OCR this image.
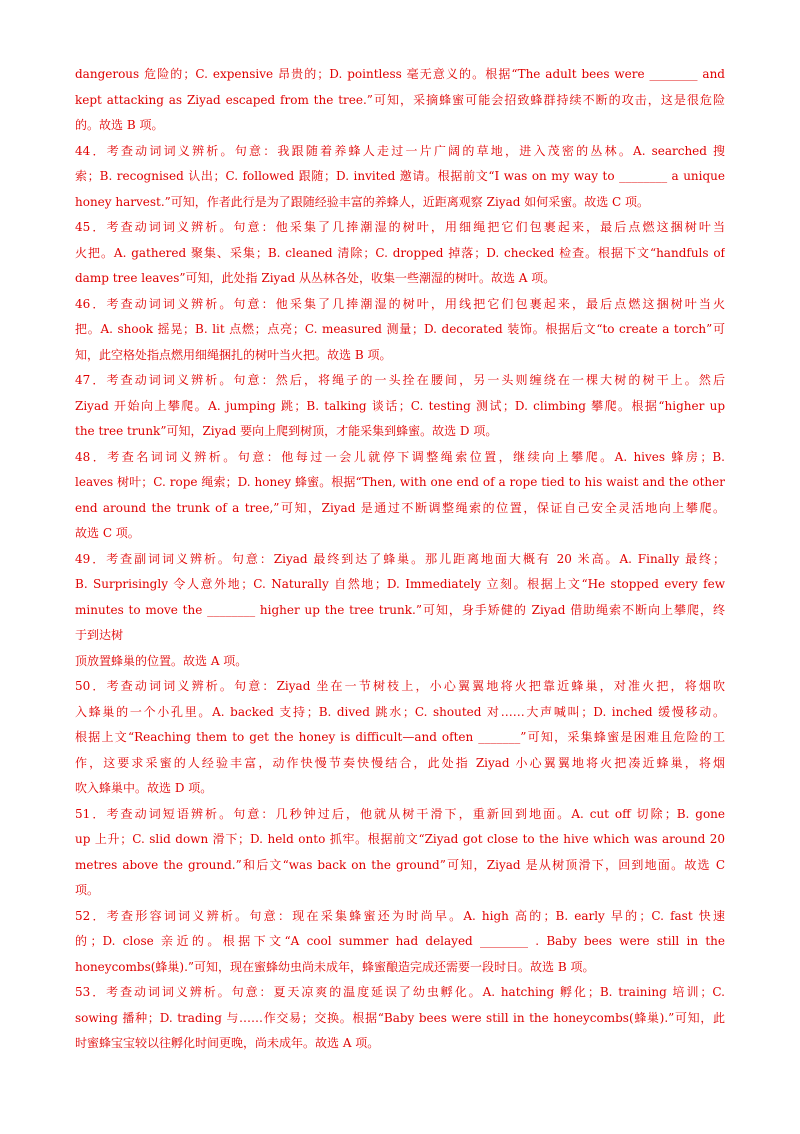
dangerous 危险的；C. expensive 昂贵的；D. pointless 毫无意义的。根据“The adult bees were ________ and
kept attacking as Ziyad escaped from the tree.”可知，采摘蜂蜜可能会招致蜂群持续不断的攻击，这是很危险
的。故选 B 项。
44．考查动词词义辨析。句意：我跟随着养蜂人走过一片广阔的草地，进入茂密的丛林。A. searched 搜
索；B. recognised 认出；C. followed 跟随；D. invited 邀请。根据前文“I was on my way to ________ a unique
honey harvest.”可知，作者此行是为了跟随经验丰富的养蜂人，近距离观察 Ziyad 如何采蜜。故选 C 项。
45．考查动词词义辨析。句意：他采集了几捧潮湿的树叶，用细绳把它们包裹起来，最后点燃这捆树叶当
火把。A. gathered 聚集、采集；B. cleaned 清除；C. dropped 掉落；D. checked 检查。根据下文“handfuls of
damp tree leaves”可知，此处指 Ziyad 从丛林各处，收集一些潮湿的树叶。故选 A 项。
46．考查动词词义辨析。句意：他采集了几捧潮湿的树叶，用线把它们包裹起来，最后点燃这捆树叶当火
把。A. shook 摇晃；B. lit 点燃；点亮；C. measured 测量；D. decorated 装饰。根据后文“to create a torch”可
知，此空格处指点燃用细绳捆扎的树叶当火把。故选 B 项。
47．考查动词词义辨析。句意：然后，将绳子的一头拴在腰间，另一头则缠绕在一棵大树的树干上。然后
Ziyad 开始向上攀爬。A. jumping 跳；B. talking 谈话；C. testing 测试；D. climbing 攀爬。根据“higher up
the tree trunk”可知，Ziyad 要向上爬到树顶，才能采集到蜂蜜。故选 D 项。
48．考查名词词义辨析。句意：他每过一会儿就停下调整绳索位置，继续向上攀爬。A. hives 蜂房；B.
leaves 树叶；C. rope 绳索；D. honey 蜂蜜。根据“Then, with one end of a rope tied to his waist and the other
end around the trunk of a tree,”可知，Ziyad 是通过不断调整绳索的位置，保证自己安全灵活地向上攀爬。
故选 C 项。
49．考查副词词义辨析。句意：Ziyad 最终到达了蜂巢。那儿距离地面大概有 20 米高。A. Finally 最终；
B. Surprisingly 令人意外地；C. Naturally 自然地；D. Immediately 立刻。根据上文“He stopped every few
minutes to move the ________ higher up the tree trunk.”可知，身手矫健的 Ziyad 借助绳索不断向上攀爬，终
于到达树
顶放置蜂巢的位置。故选 A 项。
50．考查动词词义辨析。句意：Ziyad 坐在一节树枝上，小心翼翼地将火把靠近蜂巢，对准火把，将烟吹
入蜂巢的一个小孔里。A. backed 支持；B. dived 跳水；C. shouted 对……大声喊叫；D. inched 缓慢移动。
根据上文“Reaching them to get the honey is difficult—and often _______”可知，采集蜂蜜是困难且危险的工
作，这要求采蜜的人经验丰富，动作快慢节奏快慢结合，此处指 Ziyad 小心翼翼地将火把凑近蜂巢，将烟
吹入蜂巢中。故选 D 项。
51．考查动词短语辨析。句意：几秒钟过后，他就从树干滑下，重新回到地面。A. cut off 切除；B. gone
up 上升；C. slid down 滑下；D. held onto 抓牢。根据前文“Ziyad got close to the hive which was around 20
metres above the ground.”和后文“was back on the ground”可知，Ziyad 是从树顶滑下，回到地面。故选 C
项。
52．考查形容词词义辨析。句意：现在采集蜂蜜还为时尚早。A. high 高的；B. early 早的；C. fast 快速
的；D. close 亲近的。根据下文“A cool summer had delayed ________ . Baby bees were still in the
honeycombs(蜂巢).”可知，现在蜜蜂幼虫尚未成年，蜂蜜酿造完成还需要一段时日。故选 B 项。
53．考查动词词义辨析。句意：夏天凉爽的温度延误了幼虫孵化。A. hatching 孵化；B. training 培训；C.
sowing 播种；D. trading 与……作交易；交换。根据“Baby bees were still in the honeycombs(蜂巢).”可知，此
时蜜蜂宝宝较以往孵化时间更晚，尚未成年。故选 A 项。
